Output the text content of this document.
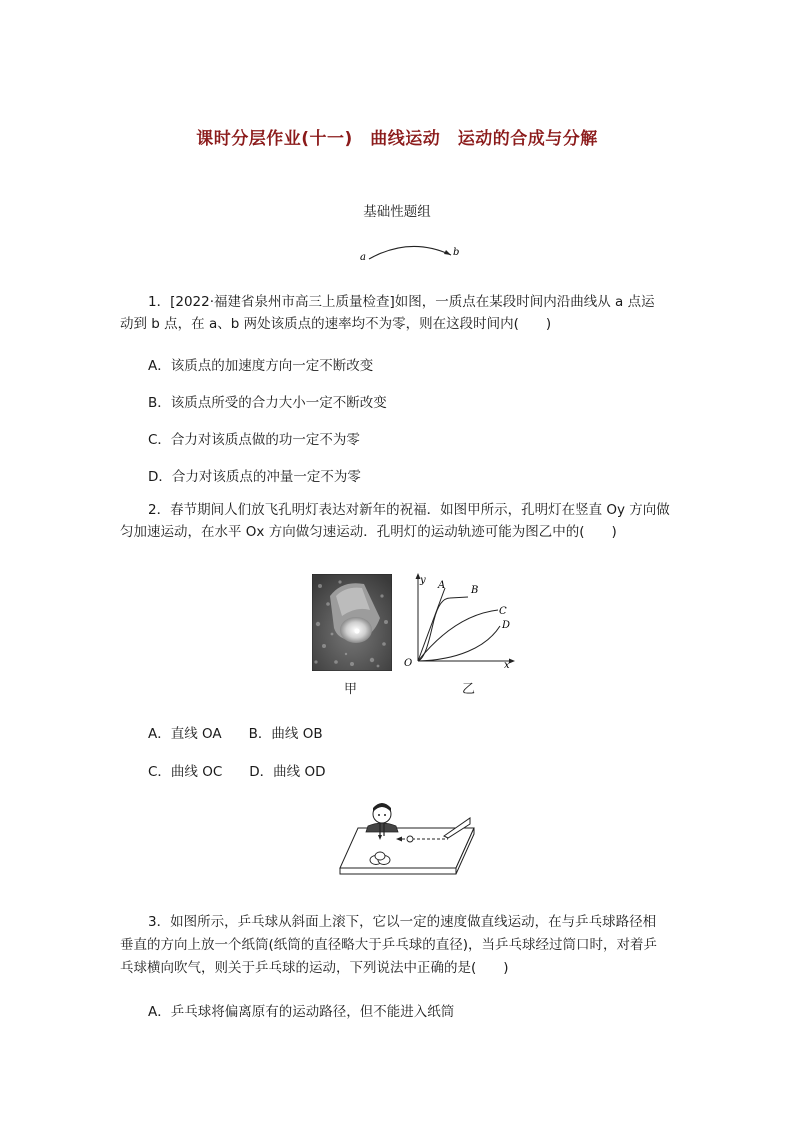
课时分层作业(十一)　曲线运动　运动的合成与分解
基础性题组
a	b
1．[2022·福建省泉州市高三上质量检查]如图，一质点在某段时间内沿曲线从 a 点运
动到 b 点，在 a、b 两处该质点的速率均不为零，则在这段时间内(　　)
A．该质点的加速度方向一定不断改变
B．该质点所受的合力大小一定不断改变
C．合力对该质点做的功一定不为零
D．合力对该质点的冲量一定不为零
2．春节期间人们放飞孔明灯表达对新年的祝福．如图甲所示，孔明灯在竖直 Oy 方向做
匀加速运动，在水平 Ox 方向做匀速运动．孔明灯的运动轨迹可能为图乙中的(　　)
甲
y
x
O
A	B
C
D
乙
A．直线 OA　　B．曲线 OB
C．曲线 OC　　D．曲线 OD
3．如图所示，乒乓球从斜面上滚下，它以一定的速度做直线运动，在与乒乓球路径相
垂直的方向上放一个纸筒(纸筒的直径略大于乒乓球的直径)，当乒乓球经过筒口时，对着乒
乓球横向吹气，则关于乒乓球的运动，下列说法中正确的是(　　)
A．乒乓球将偏离原有的运动路径，但不能进入纸筒
